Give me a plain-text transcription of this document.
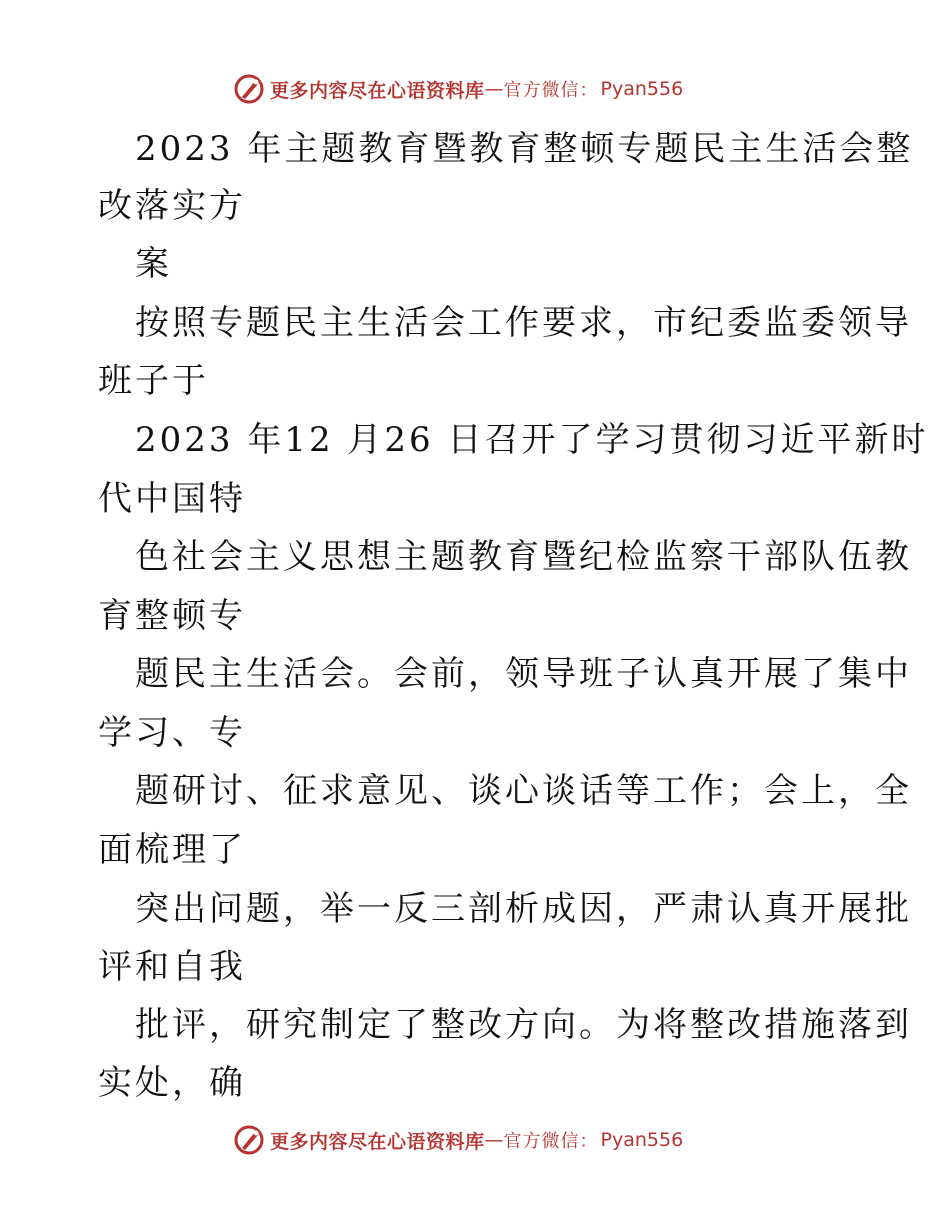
更多内容尽在心语资料库 — 官方微信： Pyan556
2023 年主题教育暨教育整顿专题民主生活会整
改落实方
案
按照专题民主生活会工作要求，市纪委监委领导
班子于
2023 年12 月26 日召开了学习贯彻习近平新时
代中国特
色社会主义思想主题教育暨纪检监察干部队伍教
育整顿专
题民主生活会。会前，领导班子认真开展了集中
学习、专
题研讨、征求意见、谈心谈话等工作；会上，全
面梳理了
突出问题，举一反三剖析成因，严肃认真开展批
评和自我
批评，研究制定了整改方向。为将整改措施落到
实处，确
更多内容尽在心语资料库 — 官方微信： Pyan556
